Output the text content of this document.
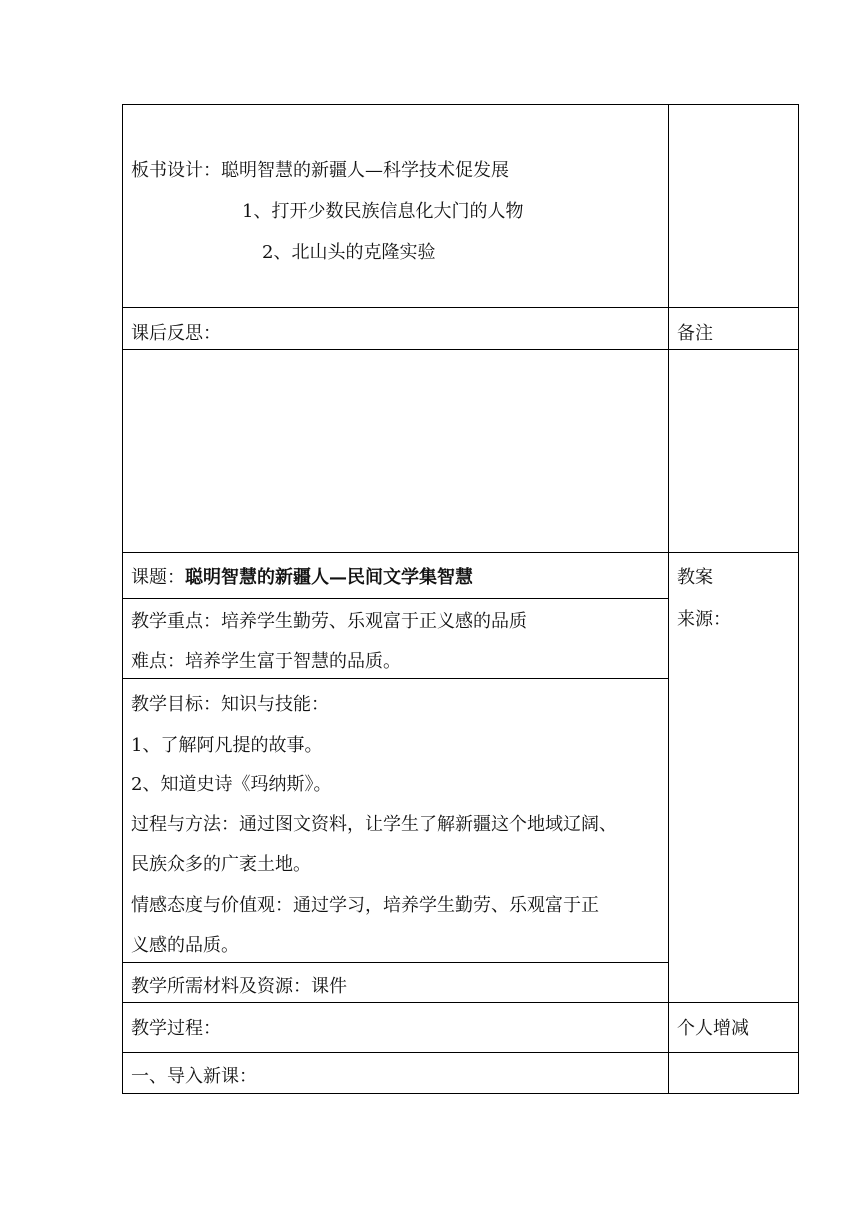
板书设计：聪明智慧的新疆人—科学技术促发展
1、打开少数民族信息化大门的人物
2、北山头的克隆实验
课后反思：	备注
课题：聪明智慧的新疆人—民间文学集智慧	教案
来源：
教学重点：培养学生勤劳、乐观富于正义感的品质
难点：培养学生富于智慧的品质。
教学目标：知识与技能：
1、了解阿凡提的故事。
2、知道史诗《玛纳斯》。
过程与方法：通过图文资料，让学生了解新疆这个地域辽阔、
民族众多的广袤土地。
情感态度与价值观：通过学习，培养学生勤劳、乐观富于正
义感的品质。
教学所需材料及资源：课件
教学过程：	个人增减
一、导入新课：
